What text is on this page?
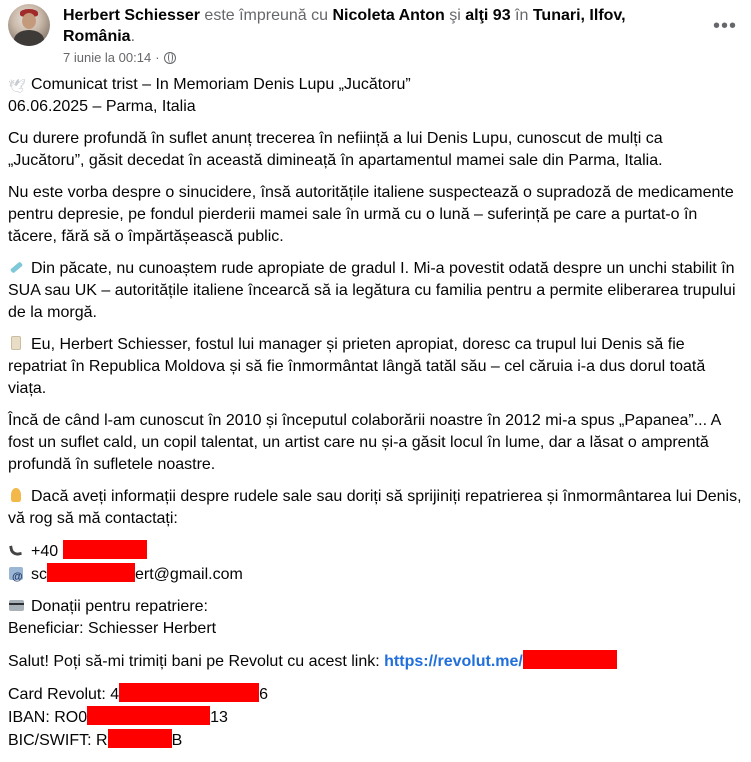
Herbert Schiesser este împreună cu Nicoleta Anton şi alţi 93 în Tunari, Ilfov, România.
7 iunie la 00:14 ·
•••

🕊Comunicat trist – In Memoriam Denis Lupu „Jucătoru”
06.06.2025 – Parma, Italia

Cu durere profundă în suflet anunț trecerea în neființă a lui Denis Lupu, cunoscut de mulți ca „Jucătoru”, găsit decedat în această dimineață în apartamentul mamei sale din Parma, Italia.

Nu este vorba despre o sinucidere, însă autoritățile italiene suspectează o supradoză de medicamente pentru depresie, pe fondul pierderii mamei sale în urmă cu o lună – suferință pe care a purtat-o în tăcere, fără să o împărtășească public.

Din păcate, nu cunoaștem rude apropiate de gradul I. Mi-a povestit odată despre un unchi stabilit în SUA sau UK – autoritățile italiene încearcă să ia legătura cu familia pentru a permite eliberarea trupului de la morgă.

Eu, Herbert Schiesser, fostul lui manager și prieten apropiat, doresc ca trupul lui Denis să fie repatriat în Republica Moldova și să fie înmormântat lângă tatăl său – cel căruia i-a dus dorul toată viața.

Încă de când l-am cunoscut în 2010 și începutul colaborării noastre în 2012 mi-a spus „Papanea”... A fost un suflet cald, un copil talentat, un artist care nu și-a găsit locul în lume, dar a lăsat o amprentă profundă în sufletele noastre.

Dacă aveți informații despre rudele sale sau doriți să sprijiniți repatrierea și înmormântarea lui Denis, vă rog să mă contactați:

+40
@sc	ert@gmail.com

Donații pentru repatriere:
Beneficiar: Schiesser Herbert

Salut! Poți să-mi trimiți bani pe Revolut cu acest link: https://revolut.me/

Card Revolut: 4	6
IBAN: RO0	13
BIC/SWIFT: R	B
